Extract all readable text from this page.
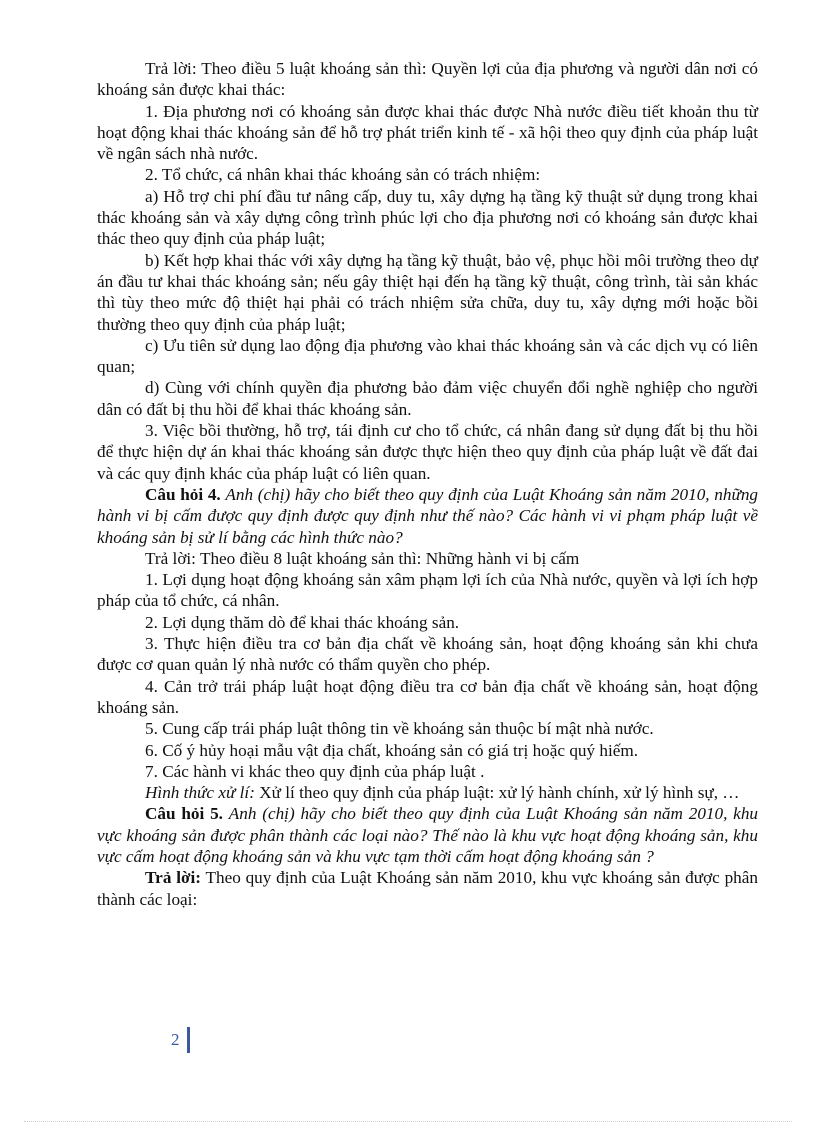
Trả lời: Theo điều 5 luật khoáng sản thì: Quyền lợi của địa phương và người dân nơi có khoáng sản được khai thác:

1. Địa phương nơi có khoáng sản được khai thác được Nhà nước điều tiết khoản thu từ hoạt động khai thác khoáng sản để hỗ trợ phát triển kinh tế - xã hội theo quy định của pháp luật về ngân sách nhà nước.

2. Tổ chức, cá nhân khai thác khoáng sản có trách nhiệm:

a) Hỗ trợ chi phí đầu tư nâng cấp, duy tu, xây dựng hạ tầng kỹ thuật sử dụng trong khai thác khoáng sản và xây dựng công trình phúc lợi cho địa phương nơi có khoáng sản được khai thác theo quy định của pháp luật;

b) Kết hợp khai thác với xây dựng hạ tầng kỹ thuật, bảo vệ, phục hồi môi trường theo dự án đầu tư khai thác khoáng sản; nếu gây thiệt hại đến hạ tầng kỹ thuật, công trình, tài sản khác thì tùy theo mức độ thiệt hại phải có trách nhiệm sửa chữa, duy tu, xây dựng mới hoặc bồi thường theo quy định của pháp luật;

c) Ưu tiên sử dụng lao động địa phương vào khai thác khoáng sản và các dịch vụ có liên quan;

d) Cùng với chính quyền địa phương bảo đảm việc chuyển đổi nghề nghiệp cho người dân có đất bị thu hồi để khai thác khoáng sản.

3. Việc bồi thường, hỗ trợ, tái định cư cho tổ chức, cá nhân đang sử dụng đất bị thu hồi để thực hiện dự án khai thác khoáng sản được thực hiện theo quy định của pháp luật về đất đai và các quy định khác của pháp luật có liên quan.

Câu hỏi 4. Anh (chị) hãy cho biết theo quy định của Luật Khoáng sản năm 2010, những hành vi bị cấm được quy định được quy định như thế nào? Các hành vi vi phạm pháp luật về khoáng sản bị sử lí bằng các hình thức nào?

Trả lời: Theo điều 8 luật khoáng sản thì: Những hành vi bị cấm

1. Lợi dụng hoạt động khoáng sản xâm phạm lợi ích của Nhà nước, quyền và lợi ích hợp pháp của tổ chức, cá nhân.

2. Lợi dụng thăm dò để khai thác khoáng sản.

3. Thực hiện điều tra cơ bản địa chất về khoáng sản, hoạt động khoáng sản khi chưa được cơ quan quản lý nhà nước có thẩm quyền cho phép.

4. Cản trở trái pháp luật hoạt động điều tra cơ bản địa chất về khoáng sản, hoạt động khoáng sản.

5. Cung cấp trái pháp luật thông tin về khoáng sản thuộc bí mật nhà nước.

6. Cố ý hủy hoại mẫu vật địa chất, khoáng sản có giá trị hoặc quý hiếm.

7. Các hành vi khác theo quy định của pháp luật .

Hình thức xử lí: Xử lí theo quy định của pháp luật: xử lý hành chính, xử lý hình sự, …

Câu hỏi 5. Anh (chị) hãy cho biết theo quy định của Luật Khoáng sản năm 2010, khu vực khoáng sản được phân thành các loại nào? Thế nào là khu vực hoạt động khoáng sản, khu vực cấm hoạt động khoáng sản và khu vực tạm thời cấm hoạt động khoáng sản ?

Trả lời: Theo quy định của Luật Khoáng sản năm 2010, khu vực khoáng sản được phân thành các loại:

2
